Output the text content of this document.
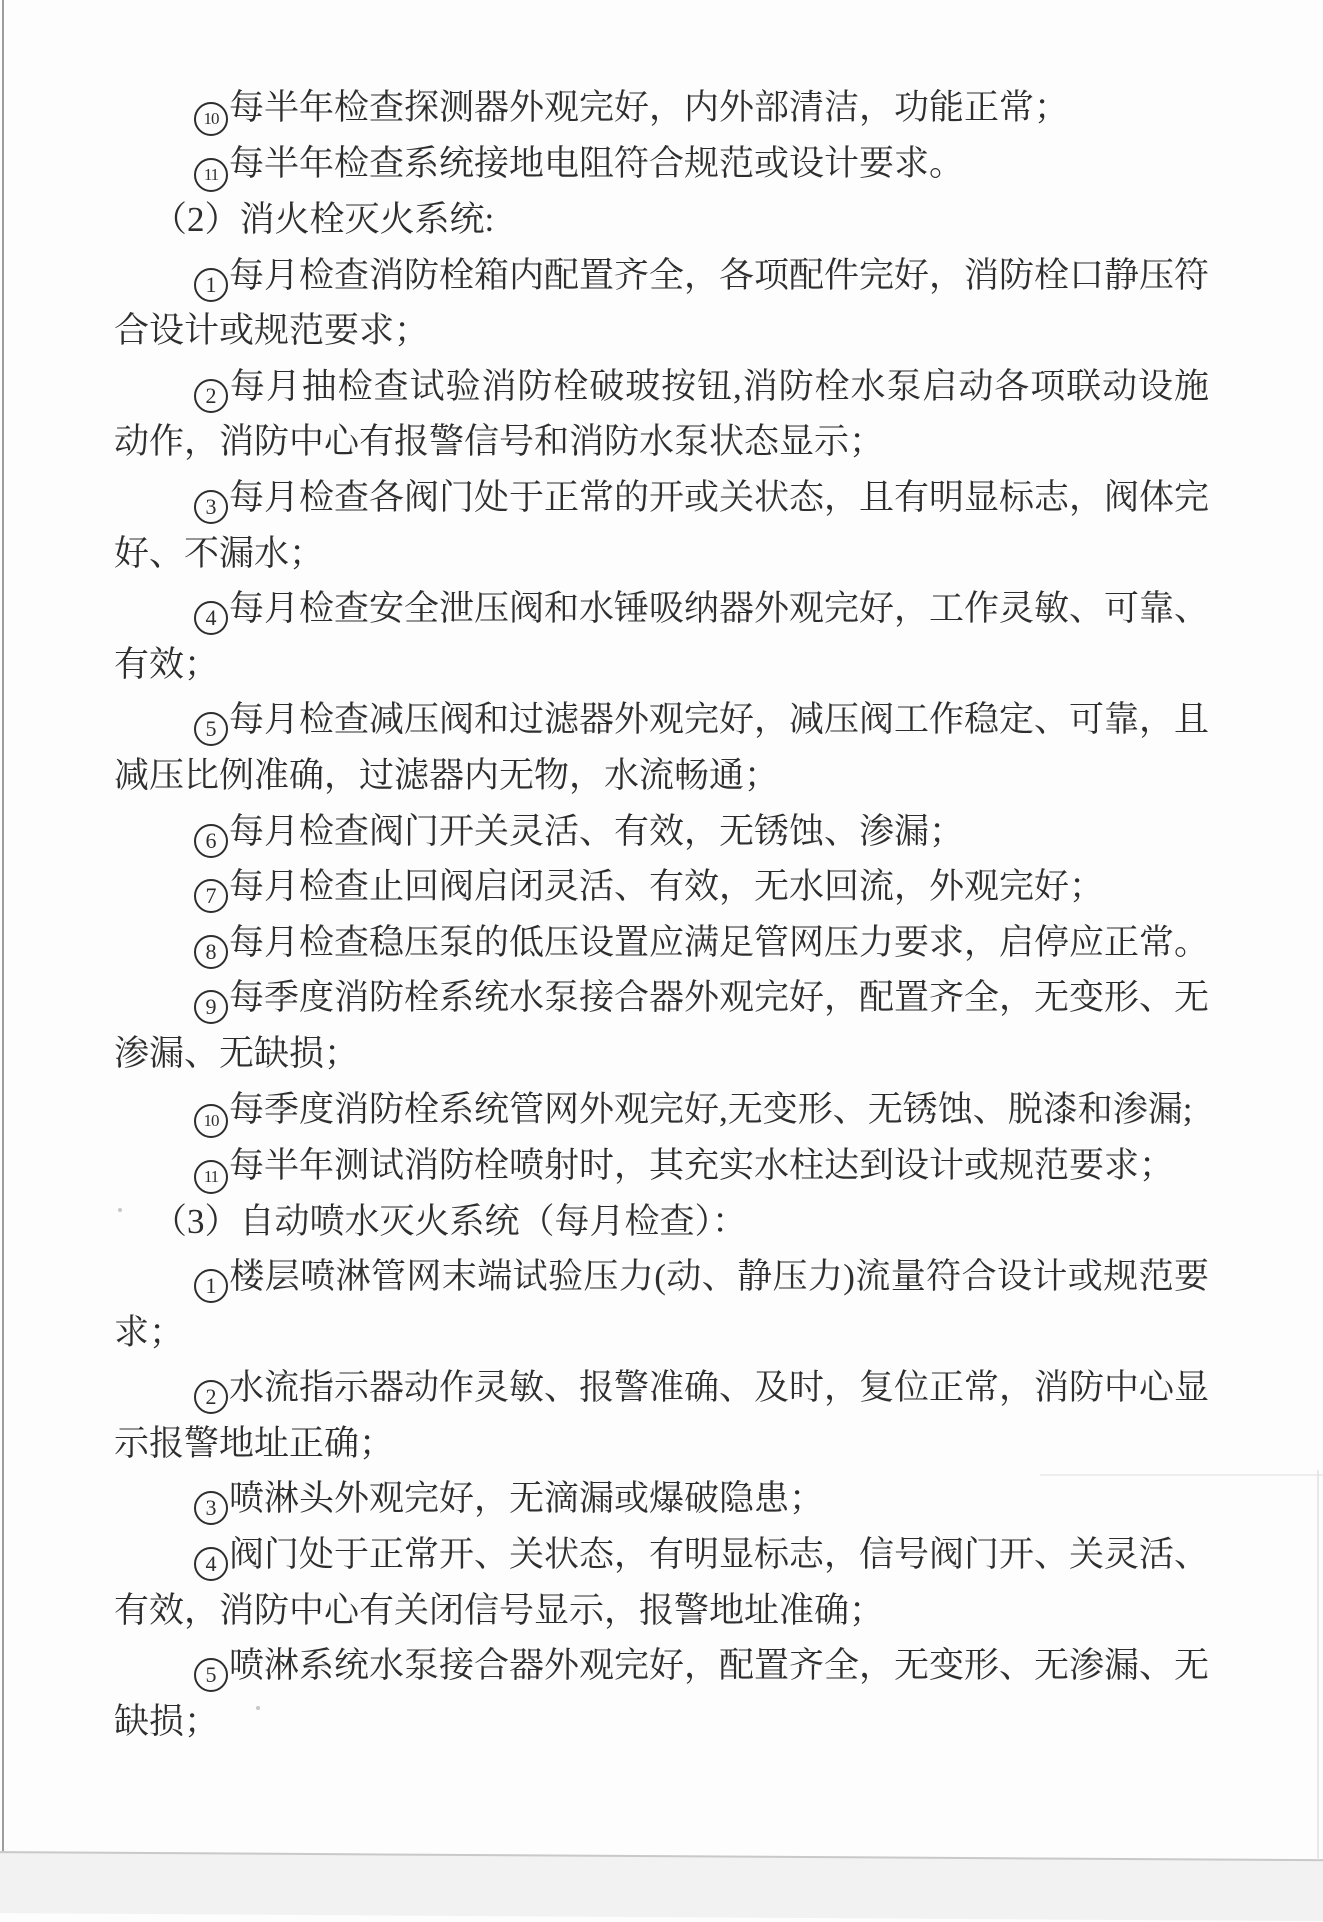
10 每半年检查探测器外观完好，内外部清洁，功能正常；

11 每半年检查系统接地电阻符合规范或设计要求。

（2）消火栓灭火系统:

1 每月检查消防栓箱内配置齐全，各项配件完好，消防栓口静压符合设计或规范要求；

2 每月抽检查试验消防栓破玻按钮,消防栓水泵启动各项联动设施动作，消防中心有报警信号和消防水泵状态显示；

3 每月检查各阀门处于正常的开或关状态，且有明显标志，阀体完好、不漏水；

4 每月检查安全泄压阀和水锤吸纳器外观完好，工作灵敏、可靠、有效；

5 每月检查减压阀和过滤器外观完好，减压阀工作稳定、可靠，且减压比例准确，过滤器内无物，水流畅通；

6 每月检查阀门开关灵活、有效，无锈蚀、渗漏；

7 每月检查止回阀启闭灵活、有效，无水回流，外观完好；

8 每月检查稳压泵的低压设置应满足管网压力要求，启停应正常。

9 每季度消防栓系统水泵接合器外观完好，配置齐全，无变形、无渗漏、无缺损；

10 每季度消防栓系统管网外观完好,无变形、无锈蚀、脱漆和渗漏;

11 每半年测试消防栓喷射时，其充实水柱达到设计或规范要求；

（3）自动喷水灭火系统（每月检查）：

1 楼层喷淋管网末端试验压力(动、静压力)流量符合设计或规范要求；

2 水流指示器动作灵敏、报警准确、及时，复位正常，消防中心显示报警地址正确；

3 喷淋头外观完好，无滴漏或爆破隐患；

4 阀门处于正常开、关状态，有明显标志，信号阀门开、关灵活、有效，消防中心有关闭信号显示，报警地址准确；

5 喷淋系统水泵接合器外观完好，配置齐全，无变形、无渗漏、无缺损；
